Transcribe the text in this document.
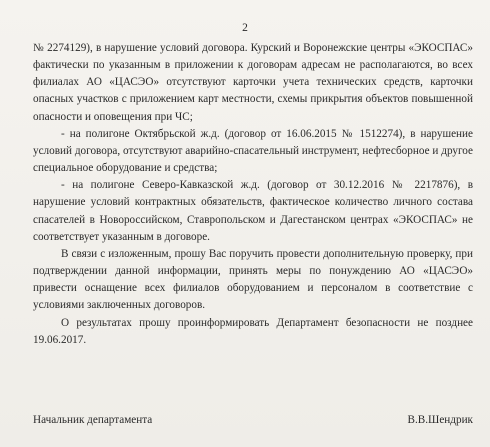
2

№ 2274129), в нарушение условий договора. Курский и Воронежские центры «ЭКОСПАС» фактически по указанным в приложении к договорам адресам не располагаются, во всех филиалах АО «ЦАСЭО» отсутствуют карточки учета технических средств, карточки опасных участков с приложением карт местности, схемы прикрытия объектов повышенной опасности и оповещения при ЧС;

- на полигоне Октябрьской ж.д. (договор от 16.06.2015 № 1512274), в нарушение условий договора, отсутствуют аварийно-спасательный инструмент, нефтесборное и другое специальное оборудование и средства;

- на полигоне Северо-Кавказской ж.д. (договор от 30.12.2016 № 2217876), в нарушение условий контрактных обязательств, фактическое количество личного состава спасателей в Новороссийском, Ставропольском и Дагестанском центрах «ЭКОСПАС» не соответствует указанным в договоре.

В связи с изложенным, прошу Вас поручить провести дополнительную проверку, при подтверждении данной информации, принять меры по понуждению АО «ЦАСЭО» привести оснащение всех филиалов оборудованием и персоналом в соответствие с условиями заключенных договоров.

О результатах прошу проинформировать Департамент безопасности не позднее 19.06.2017.

Начальник департамента	В.В.Шендрик
